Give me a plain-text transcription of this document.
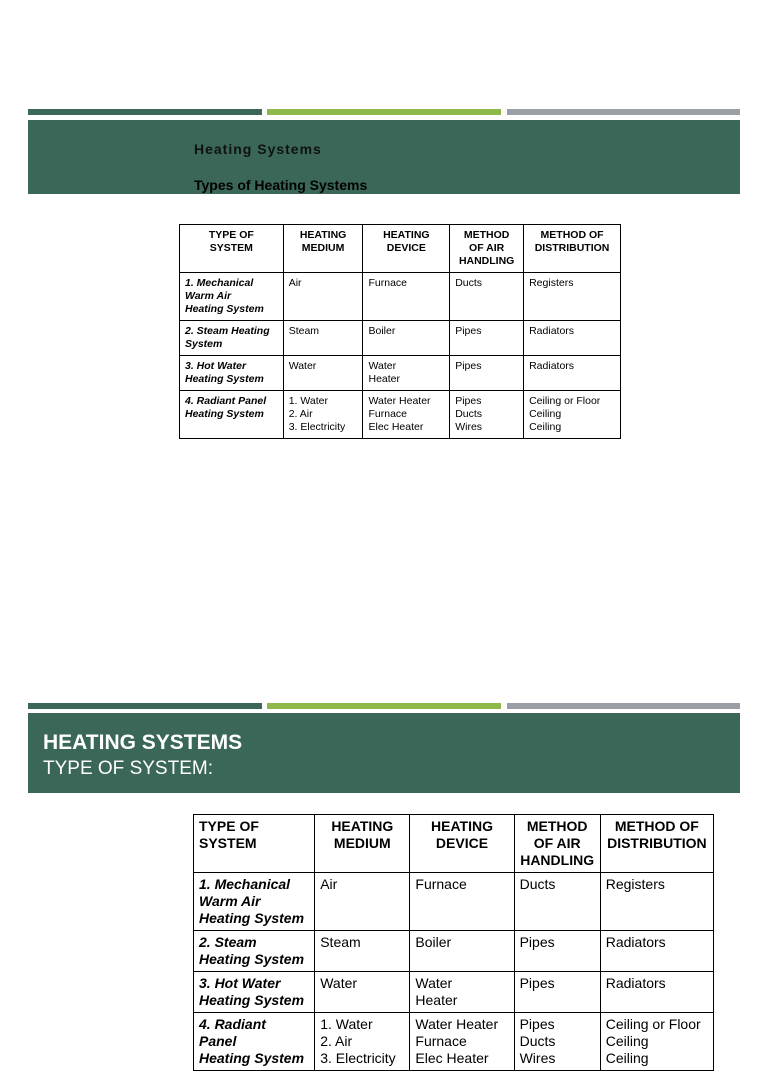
Heating Systems
Types of Heating Systems
TYPE OF
SYSTEM	HEATING
MEDIUM	HEATING
DEVICE	METHOD
OF AIR
HANDLING	METHOD OF
DISTRIBUTION

1. Mechanical
Warm Air
Heating System	Air	Furnace	Ducts	Registers

2. Steam Heating
System	Steam	Boiler	Pipes	Radiators

3. Hot Water
Heating System	Water	Water
Heater	Pipes	Radiators

4. Radiant Panel
Heating System	1. Water
2. Air
3. Electricity	Water Heater
Furnace
Elec Heater	Pipes
Ducts
Wires	Ceiling or Floor
Ceiling
Ceiling
HEATING SYSTEMS
TYPE OF SYSTEM:
TYPE OF SYSTEM	HEATING
MEDIUM	HEATING
DEVICE	METHOD
OF AIR
HANDLING	METHOD OF
DISTRIBUTION

1. Mechanical
Warm Air
Heating System	Air	Furnace	Ducts	Registers

2. Steam
Heating System	Steam	Boiler	Pipes	Radiators

3. Hot Water
Heating System	Water	Water
Heater	Pipes	Radiators

4. Radiant
Panel
Heating System	1. Water
2. Air
3. Electricity	Water Heater
Furnace
Elec Heater	Pipes
Ducts
Wires	Ceiling or Floor
Ceiling
Ceiling
